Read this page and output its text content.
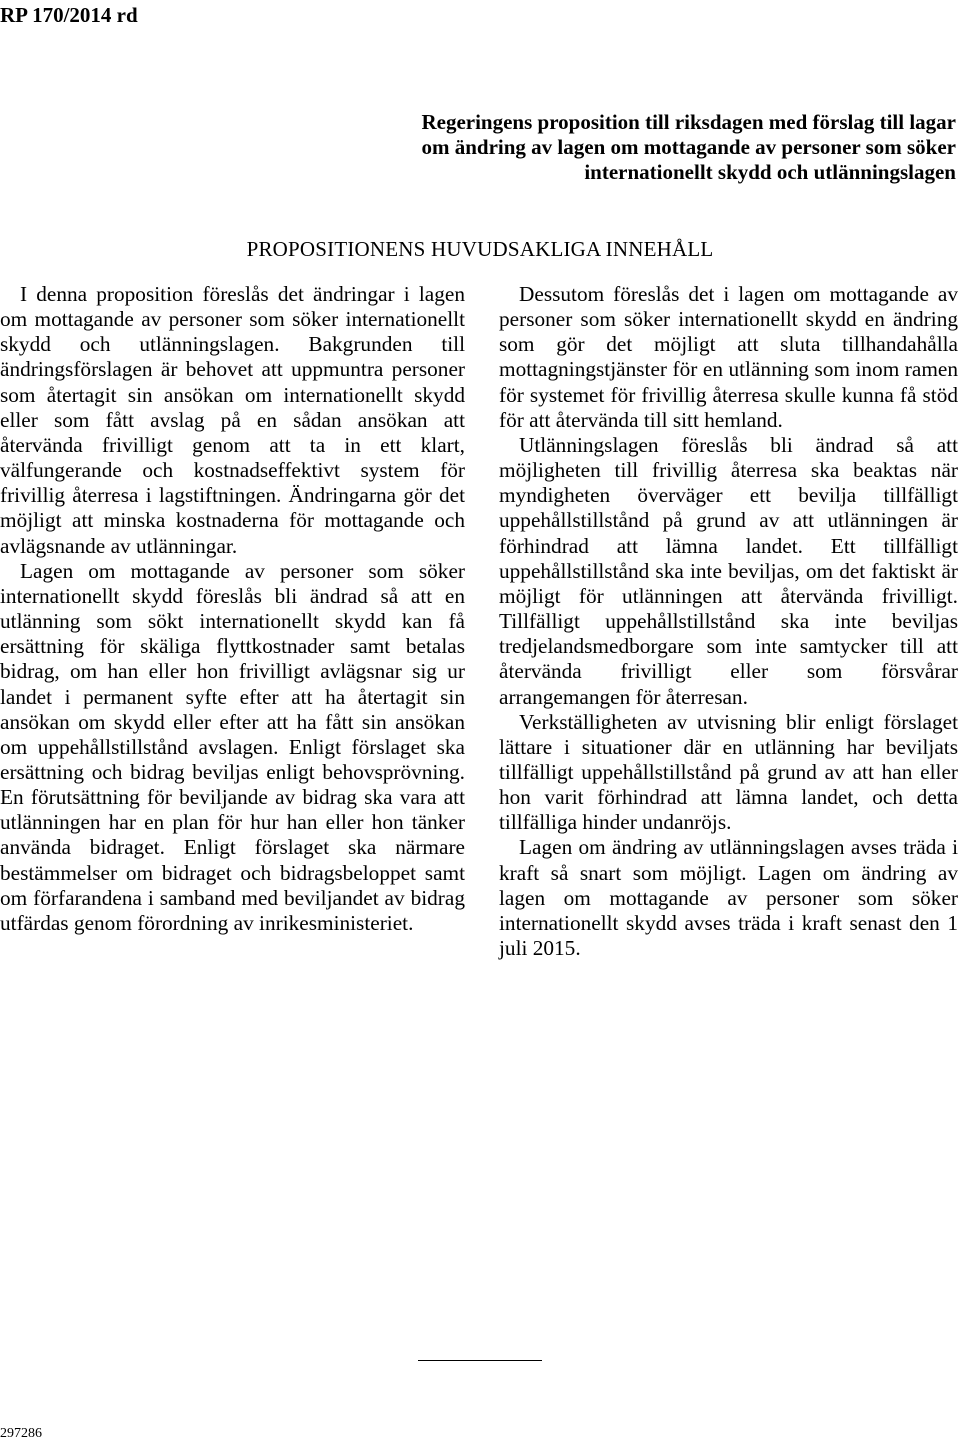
RP 170/2014 rd
Regeringens proposition till riksdagen med förslag till lagar om ändring av lagen om mottagande av personer som söker internationellt skydd och utlänningslagen
PROPOSITIONENS HUVUDSAKLIGA INNEHÅLL

I denna proposition föreslås det ändringar i lagen om mottagande av personer som söker internationellt skydd och utlänningslagen. Bakgrunden till ändringsförslagen är behovet att uppmuntra personer som återtagit sin ansökan om internationellt skydd eller som fått avslag på en sådan ansökan att återvända frivilligt genom att ta in ett klart, välfungerande och kostnadseffektivt system för frivillig återresa i lagstiftningen. Ändringarna gör det möjligt att minska kostnaderna för mottagande och avlägsnande av utlänningar.

Lagen om mottagande av personer som söker internationellt skydd föreslås bli ändrad så att en utlänning som sökt internationellt skydd kan få ersättning för skäliga flyttkostnader samt betalas bidrag, om han eller hon frivilligt avlägsnar sig ur landet i permanent syfte efter att ha återtagit sin ansökan om skydd eller efter att ha fått sin ansökan om uppehållstillstånd avslagen. Enligt förslaget ska ersättning och bidrag beviljas enligt behovsprövning. En förutsättning för beviljande av bidrag ska vara att utlänningen har en plan för hur han eller hon tänker använda bidraget. Enligt förslaget ska närmare bestämmelser om bidraget och bidragsbeloppet samt om förfarandena i samband med beviljandet av bidrag utfärdas genom förordning av inrikesministeriet.

Dessutom föreslås det i lagen om mottagande av personer som söker internationellt skydd en ändring som gör det möjligt att sluta tillhandahålla mottagningstjänster för en utlänning som inom ramen för systemet för frivillig återresa skulle kunna få stöd för att återvända till sitt hemland.

Utlänningslagen föreslås bli ändrad så att möjligheten till frivillig återresa ska beaktas när myndigheten överväger ett bevilja tillfälligt uppehållstillstånd på grund av att utlänningen är förhindrad att lämna landet. Ett tillfälligt uppehållstillstånd ska inte beviljas, om det faktiskt är möjligt för utlänningen att återvända frivilligt. Tillfälligt uppehållstillstånd ska inte beviljas tredjelandsmedborgare som inte samtycker till att återvända frivilligt eller som försvårar arrangemangen för återresan.

Verkställigheten av utvisning blir enligt förslaget lättare i situationer där en utlänning har beviljats tillfälligt uppehållstillstånd på grund av att han eller hon varit förhindrad att lämna landet, och detta tillfälliga hinder undanröjs.

Lagen om ändring av utlänningslagen avses träda i kraft så snart som möjligt. Lagen om ändring av lagen om mottagande av personer som söker internationellt skydd avses träda i kraft senast den 1 juli 2015.

297286
